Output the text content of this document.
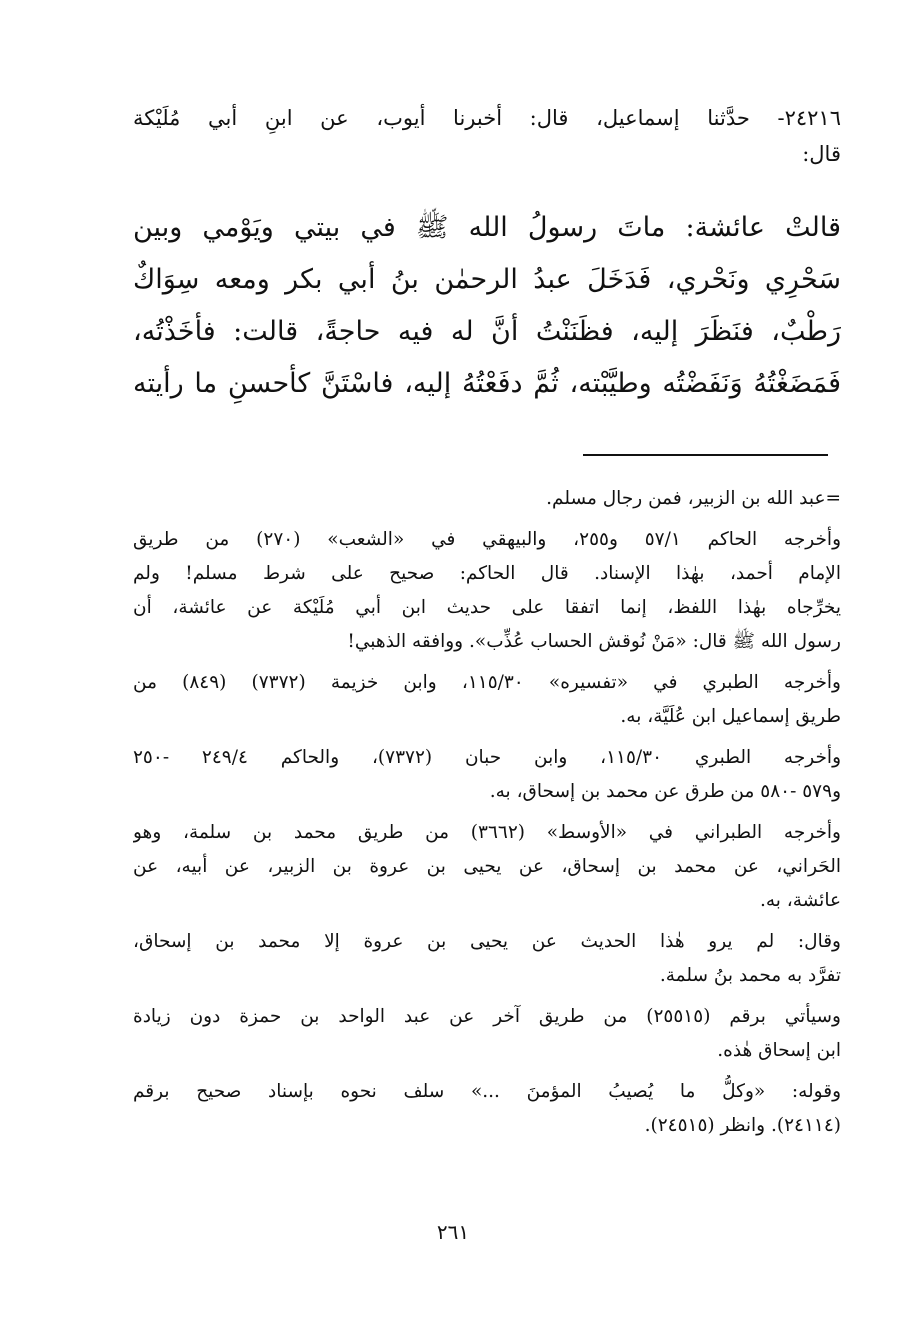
٢٤٢١٦- حدَّثنا إسماعيل، قال: أخبرنا أيوب، عن ابنِ أبي مُلَيْكة
قال:
قالتْ عائشة: ماتَ رسولُ الله ﷺ في بيتي ويَوْمي وبين
سَحْرِي ونَحْري، فَدَخَلَ عبدُ الرحمٰن بنُ أبي بكر ومعه سِوَاكٌ
رَطْبٌ، فنَظَرَ إليه، فظَنَنْتُ أنَّ له فيه حاجةً، قالت: فأخَذْتُه،
فَمَضَغْتُهُ وَنَفَضْتُه وطيَّبْته، ثُمَّ دفَعْتُهُ إليه، فاسْتَنَّ كأحسنِ ما رأيته
=عبد الله بن الزبير، فمن رجال مسلم.
وأخرجه الحاكم ٥٧/١ و٢٥٥، والبيهقي في «الشعب» (٢٧٠) من طريق
الإمام أحمد، بهٰذا الإسناد. قال الحاكم: صحيح على شرط مسلم! ولم
يخرِّجاه بهٰذا اللفظ، إنما اتفقا على حديث ابن أبي مُلَيْكة عن عائشة، أن
رسول الله ﷺ قال: «مَنْ نُوقش الحساب عُذِّب». ووافقه الذهبي!
وأخرجه الطبري في «تفسيره» ١١٥/٣٠، وابن خزيمة (٧٣٧٢) (٨٤٩) من
طريق إسماعيل ابن عُلَيَّة، به.
وأخرجه الطبري ١١٥/٣٠، وابن حبان (٧٣٧٢)، والحاكم ٢٤٩/٤ -٢٥٠
و٥٧٩ -٥٨٠ من طرق عن محمد بن إسحاق، به.
وأخرجه الطبراني في «الأوسط» (٣٦٦٢) من طريق محمد بن سلمة، وهو
الحَراني، عن محمد بن إسحاق، عن يحيى بن عروة بن الزبير، عن أبيه، عن
عائشة، به.
وقال: لم يرو هٰذا الحديث عن يحيى بن عروة إلا محمد بن إسحاق،
تفرَّد به محمد بنُ سلمة.
وسيأتي برقم (٢٥٥١٥) من طريق آخر عن عبد الواحد بن حمزة دون زيادة
ابن إسحاق هٰذه.
وقوله: «وكلُّ ما يُصيبُ المؤمنَ ...» سلف نحوه بإسناد صحيح برقم
(٢٤١١٤). وانظر (٢٤٥١٥).
٢٦١
